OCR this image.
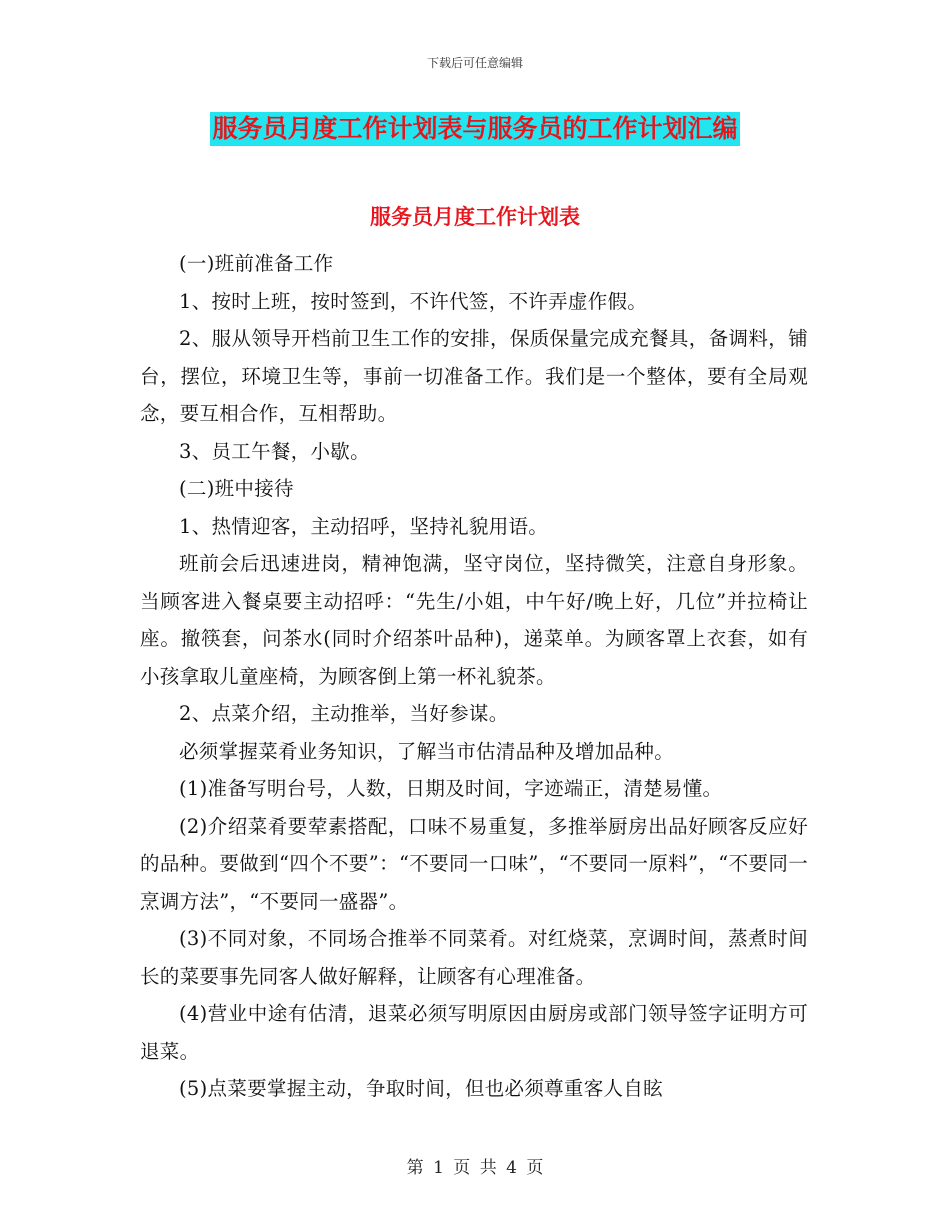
下载后可任意编辑
服务员月度工作计划表与服务员的工作计划汇编
服务员月度工作计划表

(一)班前准备工作

1、按时上班，按时签到，不许代签，不许弄虚作假。

2、服从领导开档前卫生工作的安排，保质保量完成充餐具，备调料，铺台，摆位，环境卫生等，事前一切准备工作。我们是一个整体，要有全局观念，要互相合作，互相帮助。

3、员工午餐，小歇。

(二)班中接待

1、热情迎客，主动招呼，坚持礼貌用语。

班前会后迅速进岗，精神饱满，坚守岗位，坚持微笑，注意自身形象。当顾客进入餐桌要主动招呼：“先生/小姐，中午好/晚上好，几位”并拉椅让座。撤筷套，问茶水(同时介绍茶叶品种)，递菜单。为顾客罩上衣套，如有小孩拿取儿童座椅，为顾客倒上第一杯礼貌茶。

2、点菜介绍，主动推举，当好参谋。

必须掌握菜肴业务知识，了解当市估清品种及增加品种。

(1)准备写明台号，人数，日期及时间，字迹端正，清楚易懂。

(2)介绍菜肴要荤素搭配，口味不易重复，多推举厨房出品好顾客反应好的品种。要做到“四个不要”：“不要同一口味”，“不要同一原料”，“不要同一烹调方法”，“不要同一盛器”。

(3)不同对象，不同场合推举不同菜肴。对红烧菜，烹调时间，蒸煮时间长的菜要事先同客人做好解释，让顾客有心理准备。

(4)营业中途有估清，退菜必须写明原因由厨房或部门领导签字证明方可退菜。

(5)点菜要掌握主动，争取时间，但也必须尊重客人自眩

第 1 页 共 4 页
